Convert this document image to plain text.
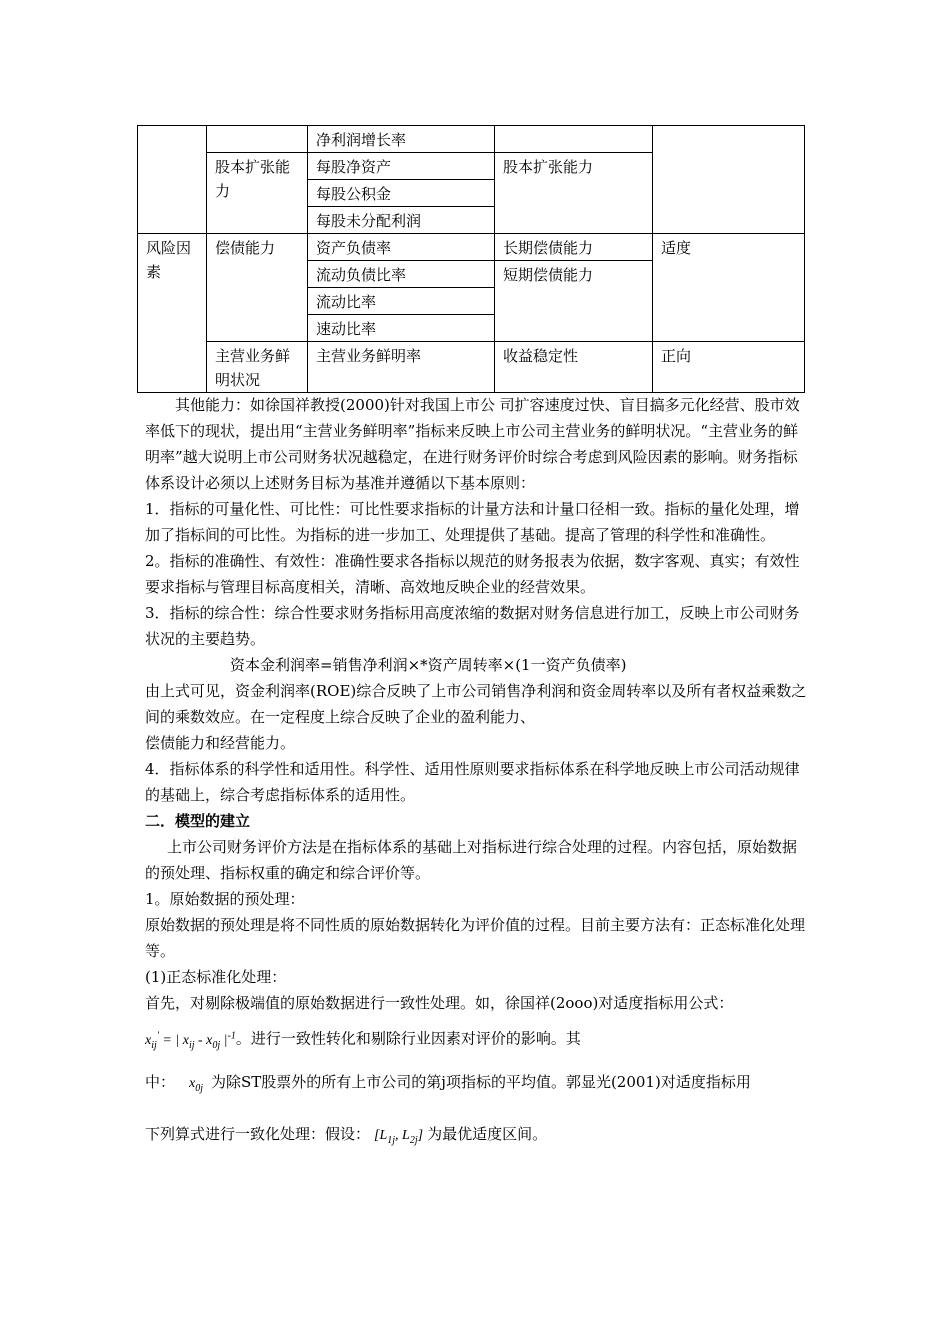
		净利润增长率		
	股本扩张能力	每股净资产	股本扩张能力	
		每股公积金		
		每股未分配利润		
风险因素	偿债能力	资产负债率	长期偿债能力	适度
		流动负债比率	短期偿债能力	
		流动比率		
		速动比率		
	主营业务鲜明状况	主营业务鲜明率	收益稳定性	正向

其他能力：如徐国祥教授(2000)针对我国上市公 司扩容速度过快、盲目搞多元化经营、股市效率低下的现状，提出用“主营业务鲜明率”指标来反映上市公司主营业务的鲜明状况。“主营业务的鲜明率”越大说明上市公司财务状况越稳定，在进行财务评价时综合考虑到风险因素的影响。财务指标体系设计必须以上述财务目标为基准并遵循以下基本原则：

1．指标的可量化性、可比性：可比性要求指标的计量方法和计量口径相一致。指标的量化处理，增加了指标间的可比性。为指标的进一步加工、处理提供了基础。提高了管理的科学性和准确性。

2。指标的准确性、有效性：准确性要求各指标以规范的财务报表为依据，数字客观、真实；有效性要求指标与管理目标高度相关，清晰、高效地反映企业的经营效果。

3．指标的综合性：综合性要求财务指标用高度浓缩的数据对财务信息进行加工，反映上市公司财务状况的主要趋势。

资本金利润率=销售净利润×*资产周转率×(1一资产负债率)

由上式可见，资金利润率(ROE)综合反映了上市公司销售净利润和资金周转率以及所有者权益乘数之间的乘数效应。在一定程度上综合反映了企业的盈利能力、

偿债能力和经营能力。

4．指标体系的科学性和适用性。科学性、适用性原则要求指标体系在科学地反映上市公司活动规律的基础上，综合考虑指标体系的适用性。

二．模型的建立

上市公司财务评价方法是在指标体系的基础上对指标进行综合处理的过程。内容包括，原始数据的预处理、指标权重的确定和综合评价等。

1。原始数据的预处理：

原始数据的预处理是将不同性质的原始数据转化为评价值的过程。目前主要方法有：正态标准化处理等。

(1)正态标准化处理：

首先，对剔除极端值的原始数据进行一致性处理。如，徐国祥(2ooo)对适度指标用公式：

$x_{ij}'$ = | $x_{ij} - x_{0j}$ $|^{-1}$。进行一致性转化和剔除行业因素对评价的影响。其

中： $x_{0j}$ 为除ST股票外的所有上市公司的第j项指标的平均值。郭显光(2001)对适度指标用

下列算式进行一致化处理：假设： [$L_{1j}$, $L_{2j}$] 为最优适度区间。
